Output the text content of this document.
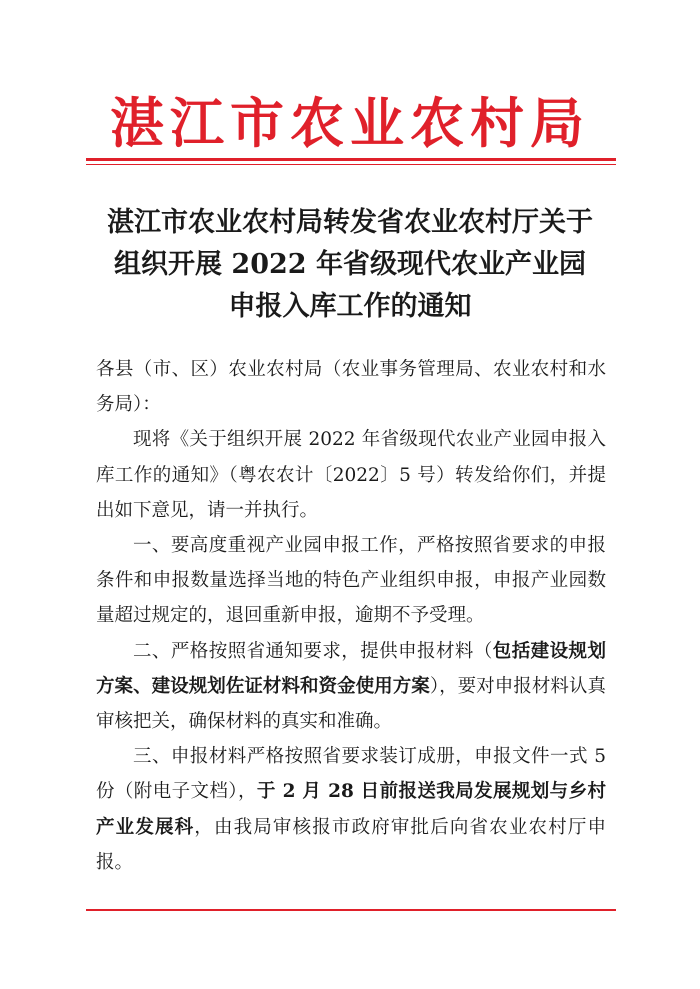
湛江市农业农村局
湛江市农业农村局转发省农业农村厅关于
组织开展 2022 年省级现代农业产业园
申报入库工作的通知

各县（市、区）农业农村局（农业事务管理局、农业农村和水务局）：

现将《关于组织开展 2022 年省级现代农业产业园申报入库工作的通知》（粤农农计〔2022〕5 号）转发给你们，并提出如下意见，请一并执行。

一、要高度重视产业园申报工作，严格按照省要求的申报条件和申报数量选择当地的特色产业组织申报，申报产业园数量超过规定的，退回重新申报，逾期不予受理。

二、严格按照省通知要求，提供申报材料（包括建设规划方案、建设规划佐证材料和资金使用方案），要对申报材料认真审核把关，确保材料的真实和准确。

三、申报材料严格按照省要求装订成册，申报文件一式 5 份（附电子文档），于 2 月 28 日前报送我局发展规划与乡村产业发展科，由我局审核报市政府审批后向省农业农村厅申报。
